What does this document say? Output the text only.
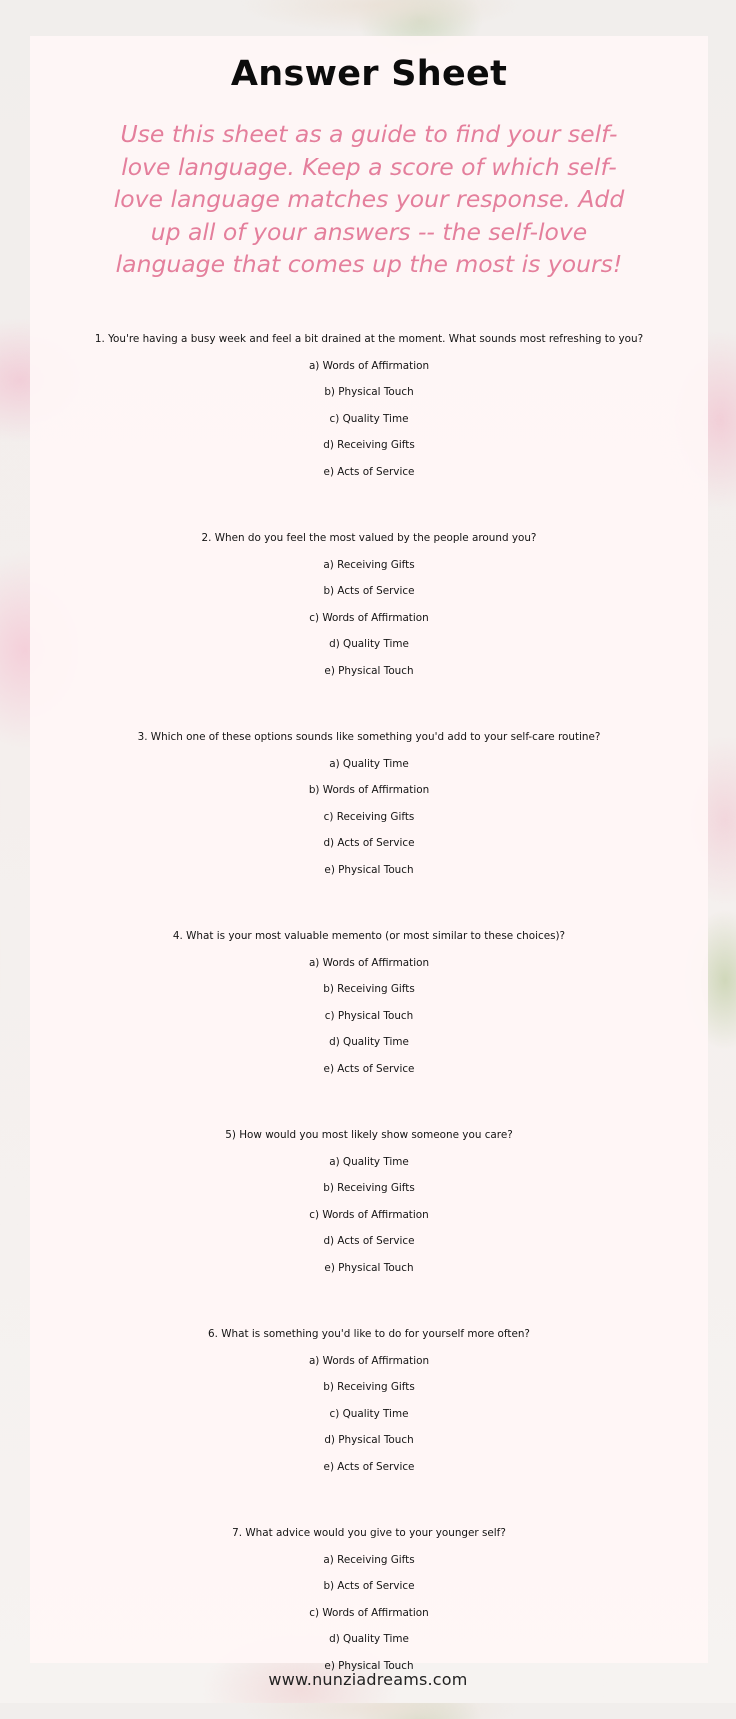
Answer Sheet

Use this sheet as a guide to find your self-love language. Keep a score of which self-love language matches your response. Add up all of your answers -- the self-love language that comes up the most is yours!

1. You're having a busy week and feel a bit drained at the moment. What sounds most refreshing to you?

a) Words of Affirmation

b) Physical Touch

c) Quality Time

d) Receiving Gifts

e) Acts of Service

2. When do you feel the most valued by the people around you?

a) Receiving Gifts

b) Acts of Service

c) Words of Affirmation

d) Quality Time

e) Physical Touch

3. Which one of these options sounds like something you'd add to your self-care routine?

a) Quality Time

b) Words of Affirmation

c) Receiving Gifts

d) Acts of Service

e) Physical Touch

4. What is your most valuable memento (or most similar to these choices)?

a) Words of Affirmation

b) Receiving Gifts

c) Physical Touch

d) Quality Time

e) Acts of Service

5) How would you most likely show someone you care?

a) Quality Time

b) Receiving Gifts

c) Words of Affirmation

d) Acts of Service

e) Physical Touch

6. What is something you'd like to do for yourself more often?

a) Words of Affirmation

b) Receiving Gifts

c) Quality Time

d) Physical Touch

e) Acts of Service

7. What advice would you give to your younger self?

a) Receiving Gifts

b) Acts of Service

c) Words of Affirmation

d) Quality Time

e) Physical Touch

www.nunziadreams.com
